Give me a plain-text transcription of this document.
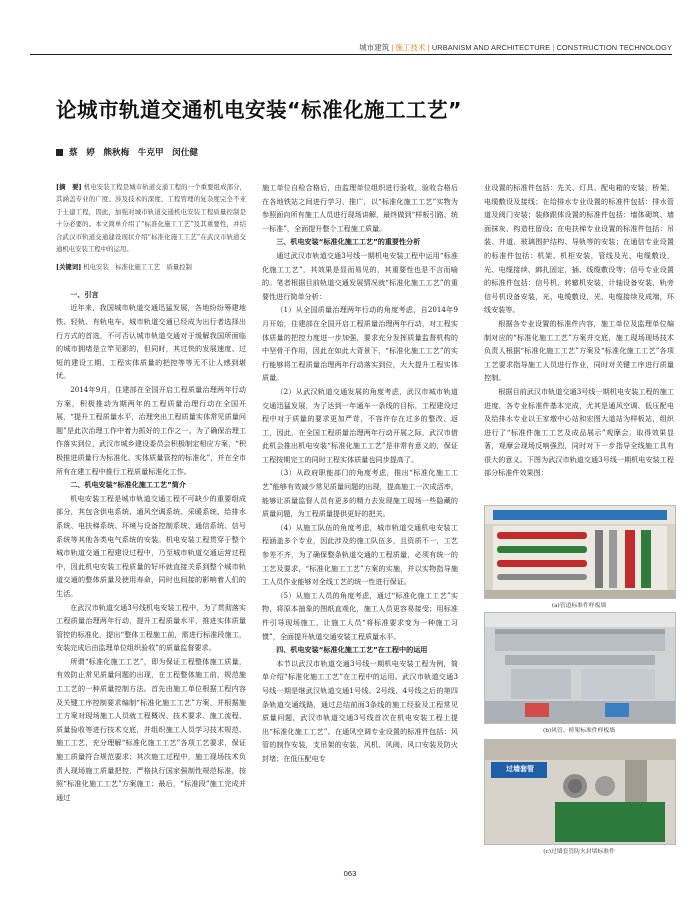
城市建筑 | 施工技术 | URBANISM AND ARCHITECTURE | CONSTRUCTION TECHNOLOGY
论城市轨道交通机电安装“标准化施工工艺”
蔡　婷　熊秋梅　牛克甲　闵仕健
[摘　要] 机电安装工程是城市轨道交通工程的一个重要组成部分，其涵盖专业的广度、涉及技术的深度、工程管理的复杂度完全不亚于土建工程，因此，加强对城市轨道交通机电安装工程质量控制是十分必要的。本文简单介绍了“标准化施工工艺”及其重要性，并结合武汉市轨道交通建设现状介绍“标准化施工工艺”在武汉市轨道交通机电安装工程中的运用。
[关键词] 机电安装　标准化施工工艺　质量控制

一、引言

近年来，我国城市轨道交通迅猛发展，各地纷纷筹建地铁、轻轨、有轨电车。城市轨道交通已经成为出行者选择出行方式的首选，不可否认城市轨道交通对于缓解我国所面临的城市拥堵是立竿见影的，但同时，其过快的发展速度、过短的建设工期、工程实体质量的把控等等无不让人感到堪忧。

2014年9月，住建部在全国开启工程质量治理两年行动方案，积极推动为期两年的工程质量治理行动在全国开展，“提升工程质量水平，治理突出工程质量实体常见质量问题”是此次治理工作中着力抓好的工作之一。为了确保治理工作落实到位，武汉市城乡建设委员会积极制定相应方案，“积极推进质量行为标准化、实体质量管控的标准化”，并在全市所有在建工程中推行工程质量标准化工作。

二、机电安装“标准化施工工艺”简介

机电安装工程是城市轨道交通工程不可缺少的重要组成部分，其包含供电系统、通风空调系统、采暖系统、给排水系统、电扶梯系统、环境与设备控制系统、通信系统、信号系统等其他各类电气系统的安装。机电安装工程贯穿于整个城市轨道交通工程建设过程中，乃至城市轨道交通运营过程中，因此机电安装工程质量的好坏就直接关系到整个城市轨道交通的整体质量及使用寿命，同时也间接的影响着人们的生活。

在武汉市轨道交通3号线机电安装工程中，为了贯彻落实工程质量治理两年行动，提升工程质量水平，推进实体质量管控的标准化，提出“整体工程施工前，需进行标准段施工，安装完成后由监理单位组织验收”的质量监督要求。

所谓“标准化施工工艺”，即为保证工程整体施工质量，有效防止常见质量问题的出现，在工程整体施工前，规范施工工艺的一种质量控制方法。首先由施工单位根据工程内容及关键工序控制要求编制“标准化施工工艺”方案，并根据施工方案对现场施工人员就工程概况、技术要求、施工流程、质量验收等进行技术交底，并组织施工人员学习技术规范、施工工艺，充分理解“标准化施工工艺”各项工艺要求，保证施工质量符合规范要求；其次施工过程中，施工现场技术负责人现场施工质量把控，严格执行国家强制性规范标准，按照“标准化施工工艺”方案施工；最后，“标准段”施工完成并通过

施工单位自检合格后，由监理单位组织进行验收，验收合格后在各地铁站之间进行学习、推广，以“标准化施工工艺”实物为参照面向所有施工人员进行现场讲解，最终做到“样板引路、统一标准”，全面提升整个工程施工质量。

三、机电安装“标准化施工工艺”的重要性分析

通过武汉市轨道交通3号线一期机电安装工程中运用“标准化施工工艺”，其效果是显而易见的，其重要性也是不言而喻的。笔者根据目前轨道交通发展情况就“标准化施工工艺”的重要性进行简单分析：

（1）从全国质量治理两年行动的角度考虑，自2014年9月开始，住建部在全国开启工程质量治理两年行动，对工程实体质量的把控力度进一步加强，要求充分发挥质量监督机构的中坚骨干作用，因此在如此大背景下，“标准化施工工艺”的实行能够将工程质量治理两年行动落实到位，大大提升工程实体质量。

（2）从武汉轨道交通发展的角度考虑，武汉市城市轨道交通迅猛发展，为了达到一年通车一条线的目标，工程建设过程中对于质量的要求更加严苛，不容许存在过多的整改、返工，因此，在全国工程质量治理两年行动开展之际，武汉市借此机会推出机电安装“标准化施工工艺”是非常有意义的，保证工程按期完工的同时工程实体质量也同步提高了。

（3）从政府职能部门的角度考虑，推出“标准化施工工艺”能够有效减少常见质量问题的出现，提高施工一次成活率，能够让质量监督人员有更多的精力去发现施工现场一些隐藏的质量问题，为工程质量提供更好的把关。

（4）从施工队伍的角度考虑，城市轨道交通机电安装工程涵盖多个专业，因此涉及的施工队伍多，且资质不一，工艺参差不齐，为了确保整条轨道交通的工程质量，必须有统一的工艺及要求，“标准化施工工艺”方案的实施，并以实物指导施工人员作业能够对全线工艺的统一性进行保证。

（5）从施工人员的角度考虑，通过“标准化施工工艺”实物，将原本抽象的图纸直观化，施工人员更容易接受；用标准件引导现场施工，让施工人员“将标准要求变为一种施工习惯”，全面提升轨道交通安装工程质量水平。

四、机电安装“标准化施工工艺”在工程中的运用

本节以武汉市轨道交通3号线一期机电安装工程为例，简单介绍“标准化施工工艺”在工程中的运用。武汉市轨道交通3号线一期是继武汉轨道交通1号线、2号线、4号线之后的第四条轨道交通线路，通过总结前面3条线的施工经验及工程常见质量问题，武汉市轨道交通3号线首次在机电安装工程上提出“标准化施工工艺”。在通风空调专业设置的标准件包括：风管的制作安装，支吊架的安装，风机、风阀、风口安装及防火封堵；在低压配电专

业设置的标准件包括：先关、灯具、配电箱的安装，桥架、电缆敷设及接线；在给排水专业设置的标准件包括：排水管道及阀门安装；装修跟体设置的标准件包括：墙体砌筑、墙面抹灰、构造柱留设；在电扶梯专业设置的标准件包括：吊装、井道、玻璃围护结构、导轨等的安装；在通信专业设置的标准件包括：机架、机柜安装，管线及光、电缆敷设，光、电缆接续、綁扎固定，插、线缆敷设等；信号专业设置的标准件包括：信号机、转辙机安装，计轴设备安装，轨旁信号机设备安装，光、电缆敷设，光、电缆接续及成端，环线安装等。

根据各专业设置的标准件内容，施工单位及监理单位编制对应的“标准化施工工艺”方案并交底，施工现场现场技术负责人根据“标准化施工工艺”方案及“标准化施工工艺”各项工艺要求指导施工人员进行作业，同时对关键工序进行质量控制。

根据目前武汉市轨道交通3号线一期机电安装工程的施工进度，各专业标准件基本完成，尤其是通风空调、低压配电及给排水专业以王家墩中心站和宏图大道站为样板站，组织进行了“标准件施工工艺及成品展示”观摩会，取得效果显著，观摩会现场反响强烈，同时对下一步指导全线施工具有很大的意义。下图为武汉市轨道交通3号线一期机电安装工程部分标准件效果图：

(a)管道标准件样板墙
(b)风管、桥架标准件样板墙
过墙套管
(c)过墙套管防火封堵标准件
063
